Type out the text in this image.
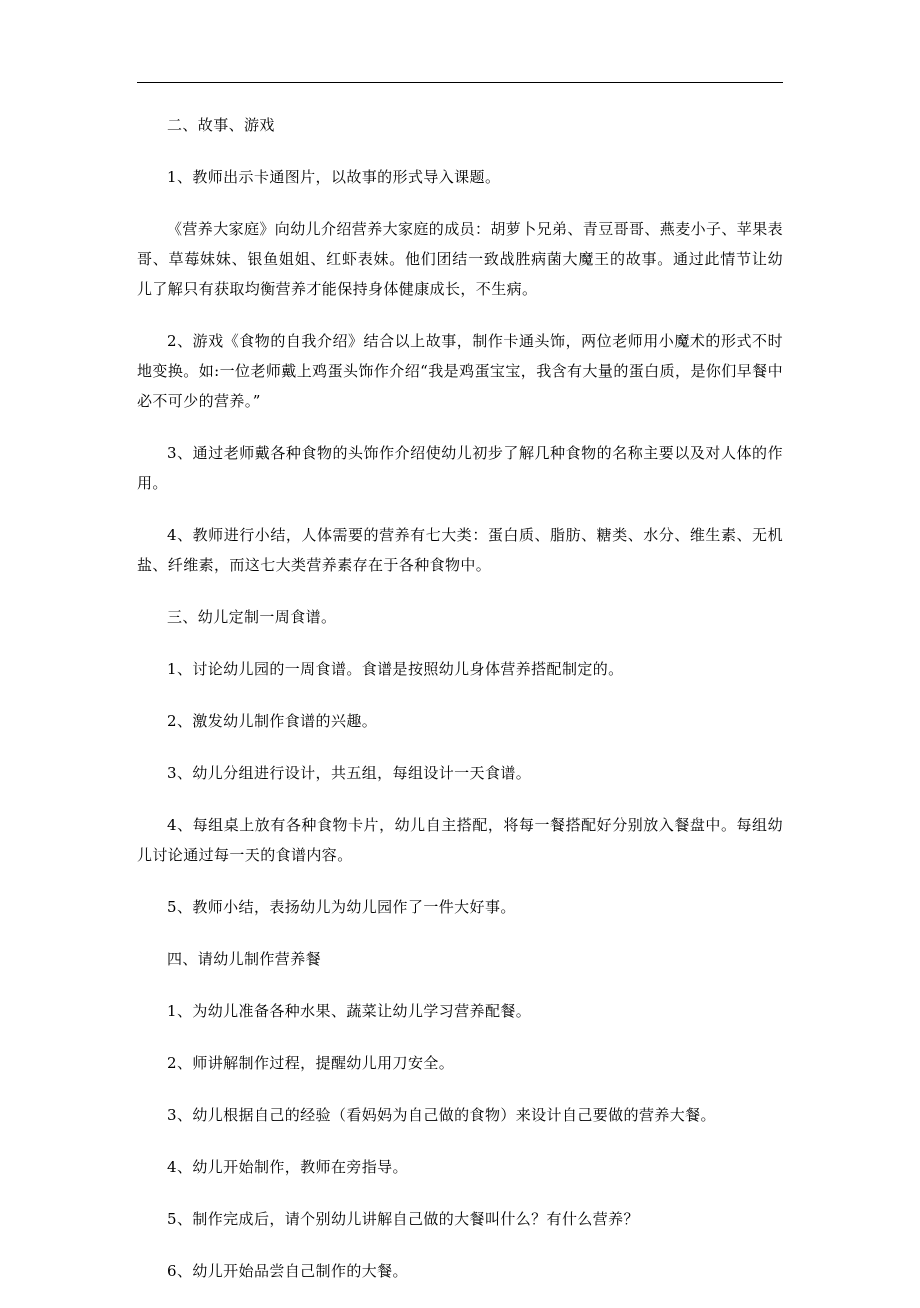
二、故事、游戏

1、教师出示卡通图片，以故事的形式导入课题。

《营养大家庭》向幼儿介绍营养大家庭的成员：胡萝卜兄弟、青豆哥哥、燕麦小子、苹果表哥、草莓妹妹、银鱼姐姐、红虾表妹。他们团结一致战胜病菌大魔王的故事。通过此情节让幼儿了解只有获取均衡营养才能保持身体健康成长，不生病。

2、游戏《食物的自我介绍》结合以上故事，制作卡通头饰，两位老师用小魔术的形式不时地变换。如:一位老师戴上鸡蛋头饰作介绍“我是鸡蛋宝宝，我含有大量的蛋白质，是你们早餐中必不可少的营养。”

3、通过老师戴各种食物的头饰作介绍使幼儿初步了解几种食物的名称主要以及对人体的作用。

4、教师进行小结，人体需要的营养有七大类：蛋白质、脂肪、糖类、水分、维生素、无机盐、纤维素，而这七大类营养素存在于各种食物中。

三、幼儿定制一周食谱。

1、讨论幼儿园的一周食谱。食谱是按照幼儿身体营养搭配制定的。

2、激发幼儿制作食谱的兴趣。

3、幼儿分组进行设计，共五组，每组设计一天食谱。

4、每组桌上放有各种食物卡片，幼儿自主搭配，将每一餐搭配好分别放入餐盘中。每组幼儿讨论通过每一天的食谱内容。

5、教师小结，表扬幼儿为幼儿园作了一件大好事。

四、请幼儿制作营养餐

1、为幼儿准备各种水果、蔬菜让幼儿学习营养配餐。

2、师讲解制作过程，提醒幼儿用刀安全。

3、幼儿根据自己的经验（看妈妈为自己做的食物）来设计自己要做的营养大餐。

4、幼儿开始制作，教师在旁指导。

5、制作完成后，请个别幼儿讲解自己做的大餐叫什么？有什么营养？

6、幼儿开始品尝自己制作的大餐。
